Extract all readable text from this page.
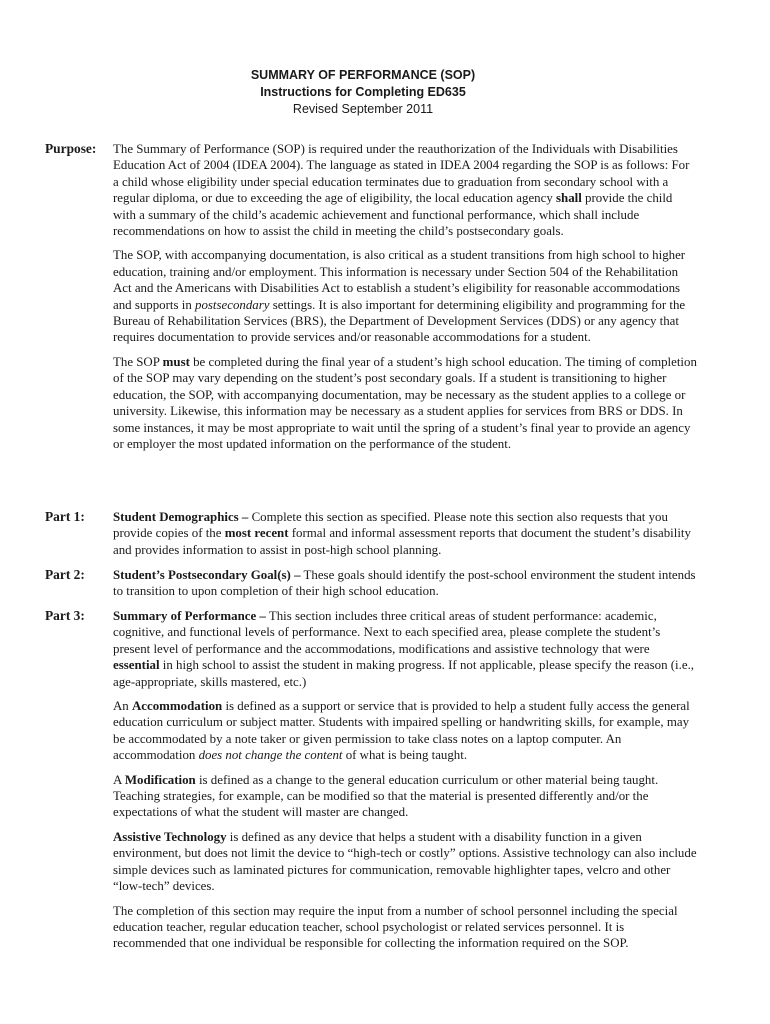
SUMMARY OF PERFORMANCE (SOP)
Instructions for Completing ED635
Revised September 2011
Purpose:	The Summary of Performance (SOP) is required under the reauthorization of the Individuals with Disabilities Education Act of 2004 (IDEA 2004). The language as stated in IDEA 2004 regarding the SOP is as follows: For a child whose eligibility under special education terminates due to graduation from secondary school with a regular diploma, or due to exceeding the age of eligibility, the local education agency shall provide the child with a summary of the child’s academic achievement and functional performance, which shall include recommendations on how to assist the child in meeting the child’s postsecondary goals.

The SOP, with accompanying documentation, is also critical as a student transitions from high school to higher education, training and/or employment. This information is necessary under Section 504 of the Rehabilitation Act and the Americans with Disabilities Act to establish a student’s eligibility for reasonable accommodations and supports in postsecondary settings. It is also important for determining eligibility and programming for the Bureau of Rehabilitation Services (BRS), the Department of Development Services (DDS) or any agency that requires documentation to provide services and/or reasonable accommodations for a student.

The SOP must be completed during the final year of a student’s high school education. The timing of completion of the SOP may vary depending on the student’s post secondary goals. If a student is transitioning to higher education, the SOP, with accompanying documentation, may be necessary as the student applies to a college or university. Likewise, this information may be necessary as a student applies for services from BRS or DDS. In some instances, it may be most appropriate to wait until the spring of a student’s final year to provide an agency or employer the most updated information on the performance of the student.

Part 1:	Student Demographics – Complete this section as specified. Please note this section also requests that you provide copies of the most recent formal and informal assessment reports that document the student’s disability and provides information to assist in post-high school planning.

Part 2:	Student’s Postsecondary Goal(s) – These goals should identify the post-school environment the student intends to transition to upon completion of their high school education.

Part 3:	Summary of Performance – This section includes three critical areas of student performance: academic, cognitive, and functional levels of performance. Next to each specified area, please complete the student’s present level of performance and the accommodations, modifications and assistive technology that were essential in high school to assist the student in making progress. If not applicable, please specify the reason (i.e., age-appropriate, skills mastered, etc.)

An Accommodation is defined as a support or service that is provided to help a student fully access the general education curriculum or subject matter. Students with impaired spelling or handwriting skills, for example, may be accommodated by a note taker or given permission to take class notes on a laptop computer. An accommodation does not change the content of what is being taught.

A Modification is defined as a change to the general education curriculum or other material being taught. Teaching strategies, for example, can be modified so that the material is presented differently and/or the expectations of what the student will master are changed.

Assistive Technology is defined as any device that helps a student with a disability function in a given environment, but does not limit the device to “high-tech or costly” options. Assistive technology can also include simple devices such as laminated pictures for communication, removable highlighter tapes, velcro and other “low-tech” devices.

The completion of this section may require the input from a number of school personnel including the special education teacher, regular education teacher, school psychologist or related services personnel. It is recommended that one individual be responsible for collecting the information required on the SOP.
